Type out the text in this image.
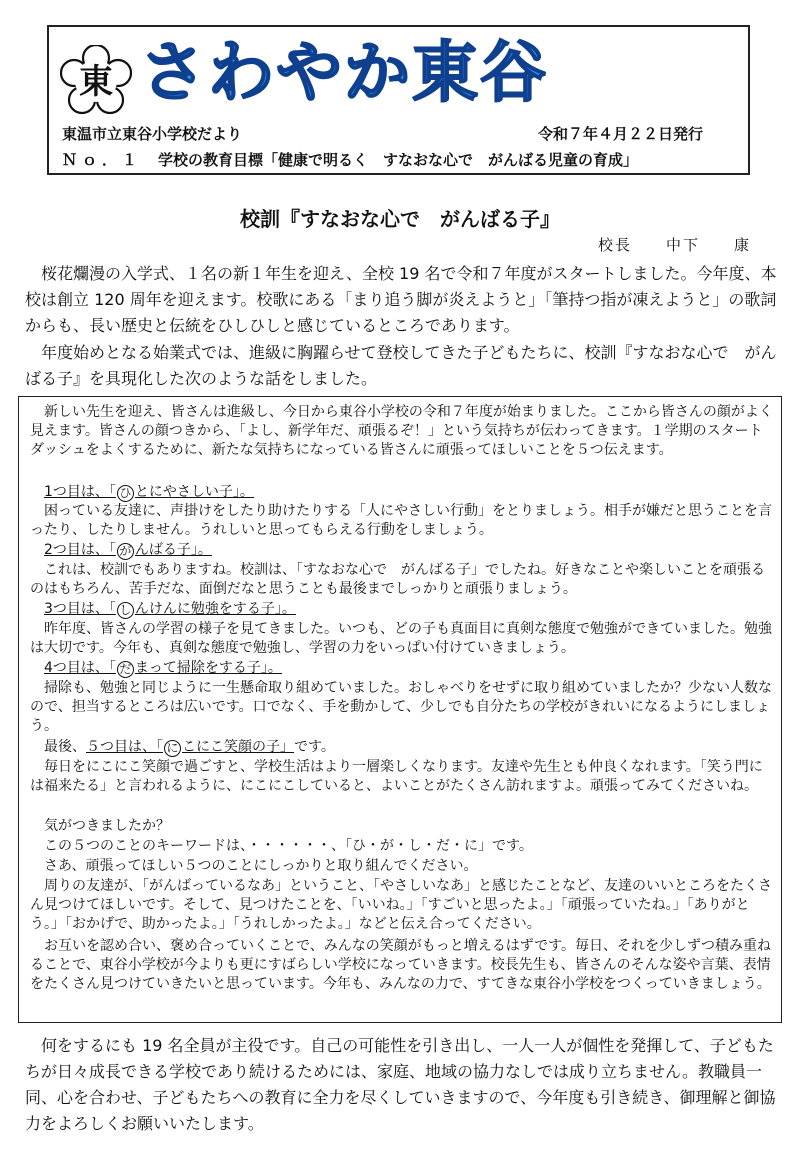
東 さわやか東谷
東温市立東谷小学校だより	令和７年４月２２日発行
Ｎｏ．１ 学校の教育目標「健康で明るく　すなおな心で　がんばる児童の育成」
校訓『すなおな心で　がんばる子』
校長　　中下　　康

桜花爛漫の入学式、１名の新１年生を迎え、全校 19 名で令和７年度がスタートしました。今年度、本校は創立 120 周年を迎えます。校歌にある「まり追う脚が炎えようと」「筆持つ指が凍えようと」の歌詞からも、長い歴史と伝統をひしひしと感じているところであります。

年度始めとなる始業式では、進級に胸躍らせて登校してきた子どもたちに、校訓『すなおな心で　がんばる子』を具現化した次のような話をしました。

新しい先生を迎え、皆さんは進級し、今日から東谷小学校の令和７年度が始まりました。ここから皆さんの顔がよく見えます。皆さんの顔つきから、「よし、新学年だ、頑張るぞ！」という気持ちが伝わってきます。１学期のスタートダッシュをよくするために、新たな気持ちになっている皆さんに頑張ってほしいことを５つ伝えます。

1つ目は、「 ひ とにやさしい子」。

困っている友達に、声掛けをしたり助けたりする「人にやさしい行動」をとりましょう。相手が嫌だと思うことを言ったり、したりしません。うれしいと思ってもらえる行動をしましょう。

2つ目は、「 が んばる子」。

これは、校訓でもありますね。校訓は、「すなおな心で　がんばる子」でしたね。好きなことや楽しいことを頑張るのはもちろん、苦手だな、面倒だなと思うことも最後までしっかりと頑張りましょう。

3つ目は、「 し んけんに勉強をする子」。

昨年度、皆さんの学習の様子を見てきました。いつも、どの子も真面目に真剣な態度で勉強ができていました。勉強は大切です。今年も、真剣な態度で勉強し、学習の力をいっぱい付けていきましょう。

4つ目は、「 だ まって掃除をする子」。

掃除も、勉強と同じように一生懸命取り組めていました。おしゃべりをせずに取り組めていましたか？少ない人数なので、担当するところは広いです。口でなく、手を動かして、少しでも自分たちの学校がきれいになるようにしましょう。

最後、５つ目は、「 に こにこ笑顔の子」です。

毎日をにこにこ笑顔で過ごすと、学校生活はより一層楽しくなります。友達や先生とも仲良くなれます。「笑う門には福来たる」と言われるように、にこにこしていると、よいことがたくさん訪れますよ。頑張ってみてくださいね。

気がつきましたか？

この５つのことのキーワードは、・・・・・・、「ひ・が・し・だ・に」です。

さあ、頑張ってほしい５つのことにしっかりと取り組んでください。

周りの友達が、「がんばっているなあ」ということ、「やさしいなあ」と感じたことなど、友達のいいところをたくさん見つけてほしいです。そして、見つけたことを、「いいね。」「すごいと思ったよ。」「頑張っていたね。」「ありがとう。」「おかげで、助かったよ。」「うれしかったよ。」などと伝え合ってください。

お互いを認め合い、褒め合っていくことで、みんなの笑顔がもっと増えるはずです。毎日、それを少しずつ積み重ねることで、東谷小学校が今よりも更にすばらしい学校になっていきます。校長先生も、皆さんのそんな姿や言葉、表情をたくさん見つけていきたいと思っています。今年も、みんなの力で、すてきな東谷小学校をつくっていきましょう。

何をするにも 19 名全員が主役です。自己の可能性を引き出し、一人一人が個性を発揮して、子どもたちが日々成長できる学校であり続けるためには、家庭、地域の協力なしでは成り立ちません。教職員一同、心を合わせ、子どもたちへの教育に全力を尽くしていきますので、今年度も引き続き、御理解と御協力をよろしくお願いいたします。
